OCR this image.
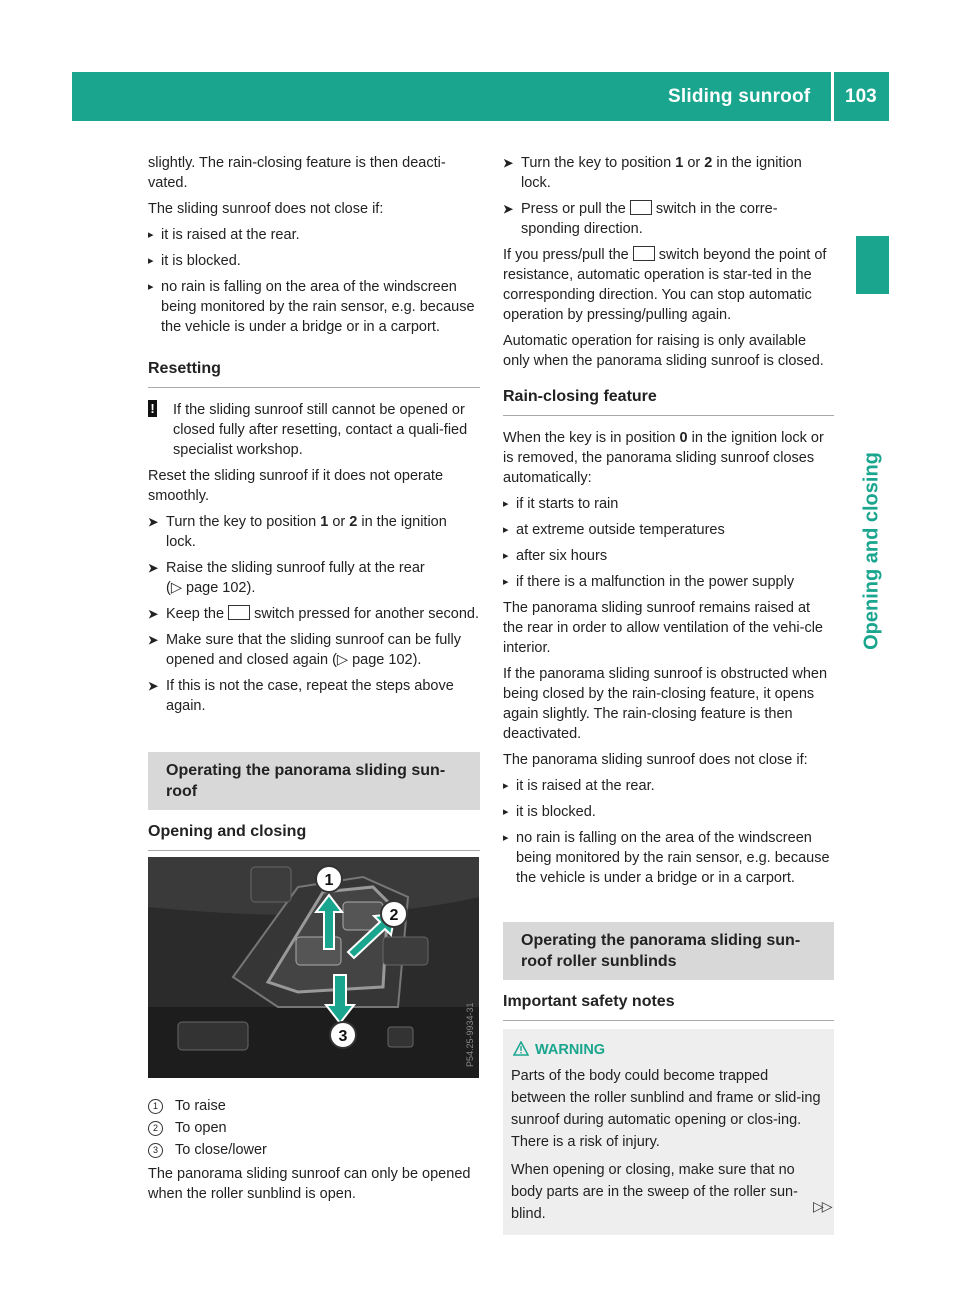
Sliding sunroof 103
Opening and closing

slightly. The rain-closing feature is then deacti-vated.

The sliding sunroof does not close if:

▸ it is raised at the rear.
▸ it is blocked.
▸ no rain is falling on the area of the windscreen being monitored by the rain sensor, e.g. because the vehicle is under a bridge or in a carport.
Resetting
! If the sliding sunroof still cannot be opened or closed fully after resetting, contact a quali-fied specialist workshop.

Reset the sliding sunroof if it does not operate smoothly.

➤ Turn the key to position 1 or 2 in the ignition lock.
➤ Raise the sliding sunroof fully at the rear
(▷ page 102).
➤ Keep the  switch pressed for another second.
➤ Make sure that the sliding sunroof can be fully opened and closed again (▷ page 102).
➤ If this is not the case, repeat the steps above again.
Operating the panorama sliding sun-roof
Opening and closing
1
2
3	P54.25-9934-31
1 To raise
2 To open
3 To close/lower

The panorama sliding sunroof can only be opened when the roller sunblind is open.

➤ Turn the key to position 1 or 2 in the ignition lock.
➤ Press or pull the  switch in the corre-sponding direction.

If you press/pull the  switch beyond the point of resistance, automatic operation is star-ted in the corresponding direction. You can stop automatic operation by pressing/pulling again.

Automatic operation for raising is only available only when the panorama sliding sunroof is closed.

Rain-closing feature

When the key is in position 0 in the ignition lock or is removed, the panorama sliding sunroof closes automatically:

▸ if it starts to rain
▸ at extreme outside temperatures
▸ after six hours
▸ if there is a malfunction in the power supply

The panorama sliding sunroof remains raised at the rear in order to allow ventilation of the vehi-cle interior.

If the panorama sliding sunroof is obstructed when being closed by the rain-closing feature, it opens again slightly. The rain-closing feature is then deactivated.

The panorama sliding sunroof does not close if:

▸ it is raised at the rear.
▸ it is blocked.
▸ no rain is falling on the area of the windscreen being monitored by the rain sensor, e.g. because the vehicle is under a bridge or in a carport.
Operating the panorama sliding sun-roof roller sunblinds
Important safety notes
WARNING
Parts of the body could become trapped between the roller sunblind and frame or slid-ing sunroof during automatic opening or clos-ing. There is a risk of injury.
When opening or closing, make sure that no body parts are in the sweep of the roller sun-blind.	▷▷
